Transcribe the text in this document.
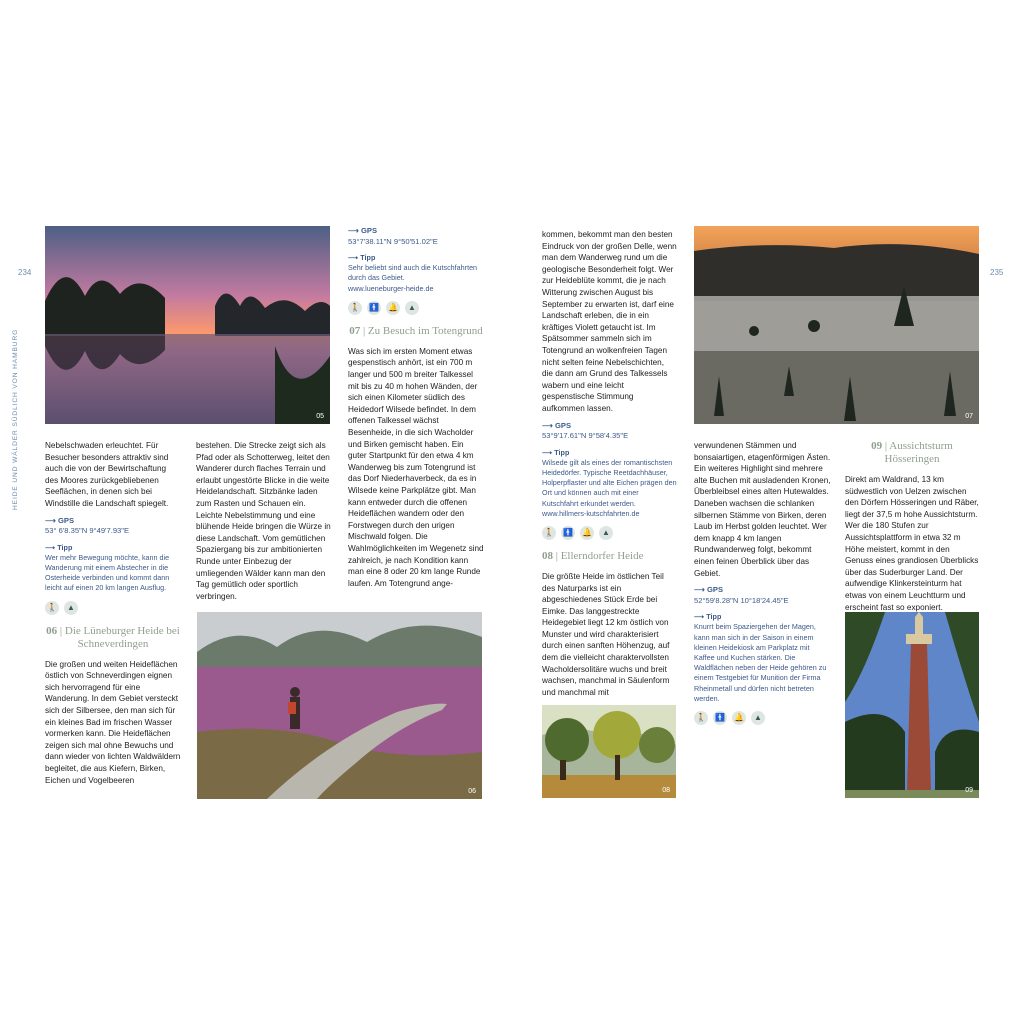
234	235
HEIDE UND WÄLDER SÜDLICH VON HAMBURG	05

Nebelschwaden erleuchtet. Für Besucher besonders attraktiv sind auch die von der Bewirtschaftung des Moores zurückgebliebenen Seeflächen, in denen sich bei Windstille die Landschaft spiegelt.

⟶ GPS
53° 6'8.35"N 9°49'7.93"E
⟶ Tipp
Wer mehr Bewegung möchte, kann die Wanderung mit einem Abstecher in die Osterheide verbinden und kommt dann leicht auf einen 20 km langen Ausflug.
🚶	▲
06 | Die Lüneburger Heide bei Schneverdingen

Die großen und weiten Heideflächen östlich von Schneverdingen eignen sich hervorragend für eine Wanderung. In dem Gebiet versteckt sich der Silbersee, den man sich für ein kleines Bad im frischen Wasser vormerken kann. Die Heideflächen zeigen sich mal ohne Bewuchs und dann wieder von lichten Waldwäldern begleitet, die aus Kiefern, Birken, Eichen und Vogelbeeren

bestehen. Die Strecke zeigt sich als Pfad oder als Schotterweg, leitet den Wanderer durch flaches Terrain und erlaubt ungestörte Blicke in die weite Heidelandschaft. Sitzbänke laden zum Rasten und Schauen ein. Leichte Nebelstimmung und eine blühende Heide bringen die Würze in diese Landschaft. Vom gemütlichen Spaziergang bis zur ambitionierten Runde unter Einbezug der umliegenden Wälder kann man den Tag gemütlich oder sportlich verbringen.

06
⟶ GPS
53°7'38.11"N 9°50'51.02"E
⟶ Tipp
Sehr beliebt sind auch die Kutschfahrten durch das Gebiet.
www.lueneburger-heide.de
🚶 🚹 🔔	▲
07 | Zu Besuch im Totengrund

Was sich im ersten Moment etwas gespenstisch anhört, ist ein 700 m langer und 500 m breiter Talkessel mit bis zu 40 m hohen Wänden, der sich einen Kilometer südlich des Heidedorf Wilsede befindet. In dem offenen Talkessel wächst Besenheide, in die sich Wacholder und Birken gemischt haben. Ein guter Startpunkt für den etwa 4 km Wanderweg bis zum Totengrund ist das Dorf Niederhaverbeck, da es in Wilsede keine Parkplätze gibt. Man kann entweder durch die offenen Heideflächen wandern oder den Forstwegen durch den urigen Mischwald folgen. Die Wahlmöglichkeiten im Wegenetz sind zahlreich, je nach Kondition kann man eine 8 oder 20 km lange Runde laufen. Am Totengrund ange-

kommen, bekommt man den besten Eindruck von der großen Delle, wenn man dem Wanderweg rund um die geologische Besonderheit folgt. Wer zur Heideblüte kommt, die je nach Witterung zwischen August bis September zu erwarten ist, darf eine Landschaft erleben, die in ein kräftiges Violett getaucht ist. Im Spätsommer sammeln sich im Totengrund an wolkenfreien Tagen nicht selten feine Nebelschichten, die dann am Grund des Talkessels wabern und eine leicht gespenstische Stimmung aufkommen lassen.

⟶ GPS
53°9'17.61"N 9°58'4.35"E
⟶ Tipp
Wilsede gilt als eines der romantischsten Heidedörfer. Typische Reetdachhäuser, Holperpflaster und alte Eichen prägen den Ort und können auch mit einer Kutschfahrt erkundet werden.
www.hillmers-kutschfahrten.de
🚶 🚹 🔔	▲
08 | Ellerndorfer Heide

Die größte Heide im östlichen Teil des Naturparks ist ein abgeschiedenes Stück Erde bei Eimke. Das langgestreckte Heidegebiet liegt 12 km östlich von Munster und wird charakterisiert durch einen sanften Höhenzug, auf dem die vielleicht charaktervollsten Wacholdersolitäre wuchs und breit wachsen, manchmal in Säulenform und manchmal mit

08
07

verwundenen Stämmen und bonsaiartigen, etagenförmigen Ästen. Ein weiteres Highlight sind mehrere alte Buchen mit ausladenden Kronen, Überbleibsel eines alten Hutewaldes. Daneben wachsen die schlanken silbernen Stämme von Birken, deren Laub im Herbst golden leuchtet. Wer dem knapp 4 km langen Rundwanderweg folgt, bekommt einen feinen Überblick über das Gebiet.

⟶ GPS
52°59'8.28"N 10°18'24.45"E
⟶ Tipp
Knurrt beim Spaziergehen der Magen, kann man sich in der Saison in einem kleinen Heidekiosk am Parkplatz mit Kaffee und Kuchen stärken. Die Waldflächen neben der Heide gehören zu einem Testgebiet für Munition der Firma Rheinmetall und dürfen nicht betreten werden.
🚶 🚹 🔔	▲
09 | Aussichtsturm Hösseringen

Direkt am Waldrand, 13 km südwestlich von Uelzen zwischen den Dörfern Hösseringen und Räber, liegt der 37,5 m hohe Aussichtsturm. Wer die 180 Stufen zur Aussichtsplattform in etwa 32 m Höhe meistert, kommt in den Genuss eines grandiosen Überblicks über das Suderburger Land. Der aufwendige Klinkersteinturm hat etwas von einem Leuchtturm und erscheint fast so exponiert.

09
